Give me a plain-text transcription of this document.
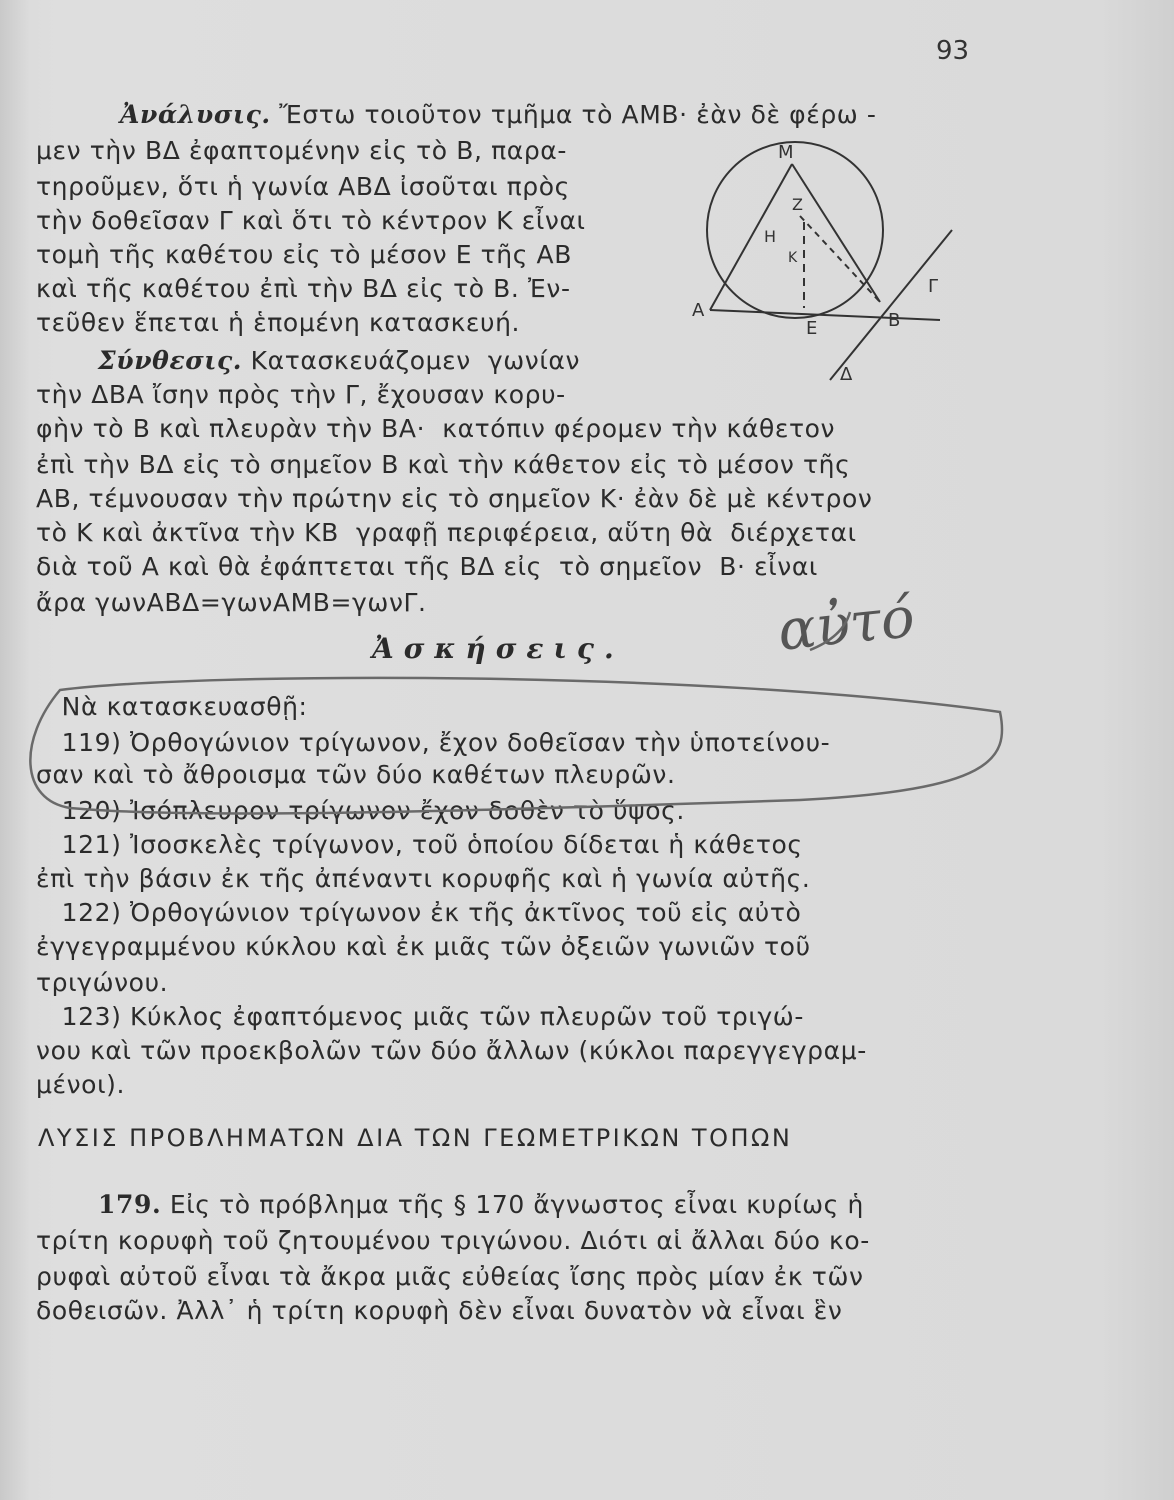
93
Ἀνάλυσις. Ἔστω τοιοῦτον τμῆμα τὸ ΑΜΒ· ἐὰν δὲ φέρω -
μεν τὴν ΒΔ ἐφαπτομένην εἰς τὸ Β, παρα-
τηροῦμεν, ὅτι ἡ γωνία ΑΒΔ ἰσοῦται πρὸς
τὴν δοθεῖσαν Γ καὶ ὅτι τὸ κέντρον Κ εἶναι
τομὴ τῆς καθέτου εἰς τὸ μέσον Ε τῆς ΑΒ
καὶ τῆς καθέτου ἐπὶ τὴν ΒΔ εἰς τὸ Β. Ἐν-
τεῦθεν ἕπεται ἡ ἑπομένη κατασκευή.
Σύνθεσις. Κατασκευάζομεν  γωνίαν
τὴν ΔΒΑ ἴσην πρὸς τὴν Γ, ἔχουσαν κορυ-
φὴν τὸ Β καὶ πλευρὰν τὴν ΒΑ·  κατόπιν φέρομεν τὴν κάθετον
ἐπὶ τὴν ΒΔ εἰς τὸ σημεῖον Β καὶ τὴν κάθετον εἰς τὸ μέσον τῆς
ΑΒ, τέμνουσαν τὴν πρώτην εἰς τὸ σημεῖον Κ· ἐὰν δὲ μὲ κέντρον
τὸ Κ καὶ ἀκτῖνα τὴν ΚΒ  γραφῇ περιφέρεια, αὕτη θὰ  διέρχεται
διὰ τοῦ Α καὶ θὰ ἐφάπτεται τῆς ΒΔ εἰς  τὸ σημεῖον  Β· εἶναι
ἄρα γωνΑΒΔ=γωνΑΜΒ=γωνΓ.
Μ
Ζ
Η
Κ
Α
Ε	Β
Γ
Δ
αὐτό
Ἀσκήσεις.
Νὰ κατασκευασθῇ:
119) Ὀρθογώνιον τρίγωνον, ἔχον δοθεῖσαν τὴν ὑποτείνου-
σαν καὶ τὸ ἄθροισμα τῶν δύο καθέτων πλευρῶν.
120) Ἰσόπλευρον τρίγωνον ἔχον δοθὲν τὸ ὕψος.
121) Ἰσοσκελὲς τρίγωνον, τοῦ ὁποίου δίδεται ἡ κάθετος
ἐπὶ τὴν βάσιν ἐκ τῆς ἀπέναντι κορυφῆς καὶ ἡ γωνία αὐτῆς.
122) Ὀρθογώνιον τρίγωνον ἐκ τῆς ἀκτῖνος τοῦ εἰς αὐτὸ
ἐγγεγραμμένου κύκλου καὶ ἐκ μιᾶς τῶν ὀξειῶν γωνιῶν τοῦ
τριγώνου.
123) Κύκλος ἐφαπτόμενος μιᾶς τῶν πλευρῶν τοῦ τριγώ-
νου καὶ τῶν προεκβολῶν τῶν δύο ἄλλων (κύκλοι παρεγγεγραμ-
μένοι).
ΛΥΣΙΣ ΠΡΟΒΛΗΜΑΤΩΝ ΔΙΑ ΤΩΝ ΓΕΩΜΕΤΡΙΚΩΝ ΤΟΠΩΝ
179. Εἰς τὸ πρόβλημα τῆς § 170 ἄγνωστος εἶναι κυρίως ἡ
τρίτη κορυφὴ τοῦ ζητουμένου τριγώνου. Διότι αἱ ἄλλαι δύο κο-
ρυφαὶ αὐτοῦ εἶναι τὰ ἄκρα μιᾶς εὐθείας ἴσης πρὸς μίαν ἐκ τῶν
δοθεισῶν. Ἀλλ᾽ ἡ τρίτη κορυφὴ δὲν εἶναι δυνατὸν νὰ εἶναι ἓν
